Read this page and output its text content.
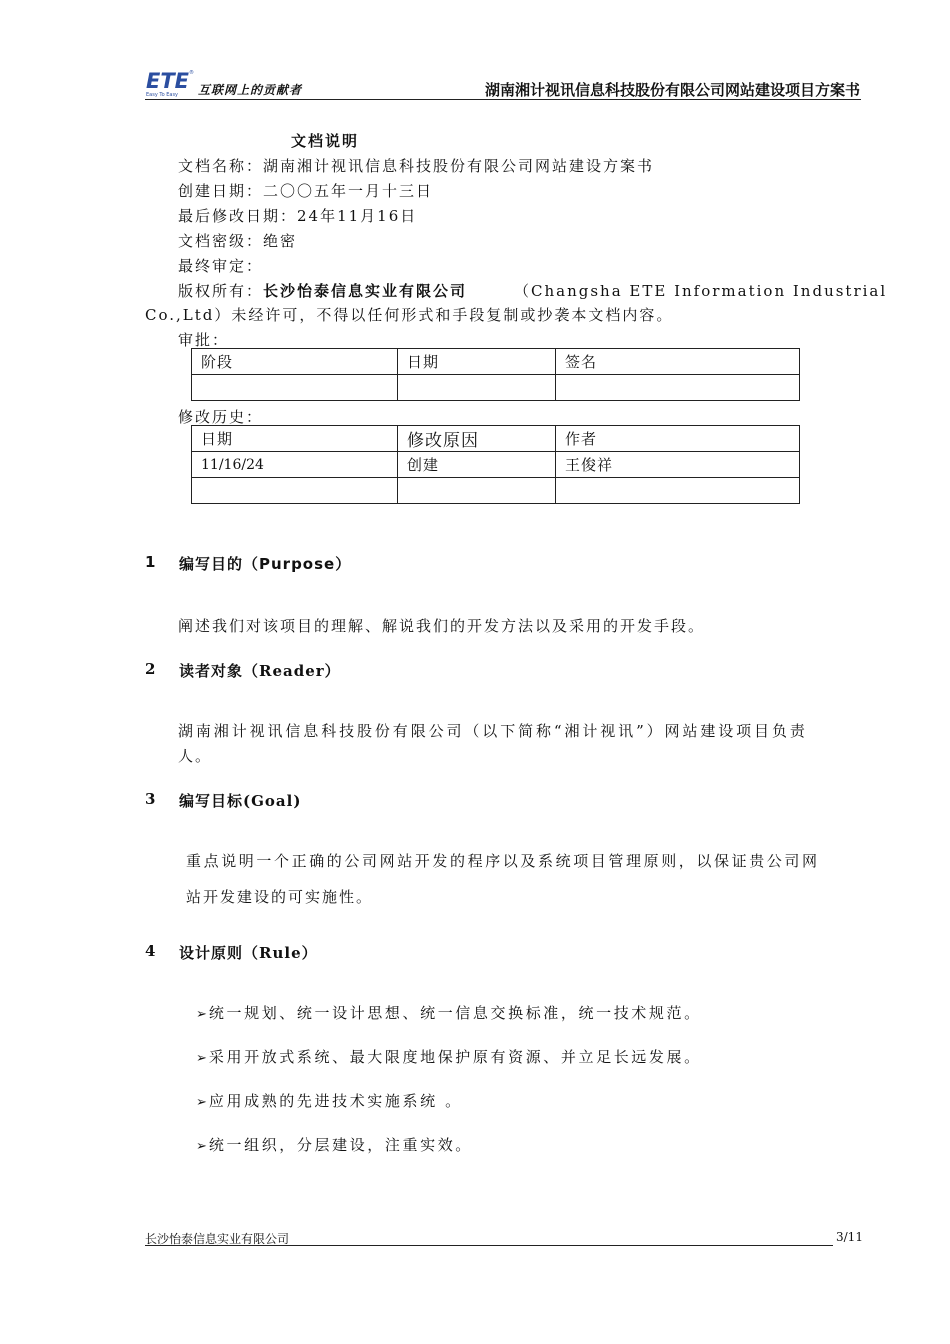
ETE ®
Easy To Easy 互联网上的贡献者	湖南湘计视讯信息科技股份有限公司网站建设项目方案书
文档说明
文档名称：湖南湘计视讯信息科技股份有限公司网站建设方案书
创建日期：二〇〇五年一月十三日
最后修改日期：24年11月16日
文档密级：绝密
最终审定：
版权所有：长沙怡泰信息实业有限公司	（Changsha ETE Information Industrial
Co.,Ltd）未经许可，不得以任何形式和手段复制或抄袭本文档内容。
审批：
阶段	日期	签名

修改历史：
日期	修改原因	作者
11/16/24	创建	王俊祥

1 编写目的（Purpose）
阐述我们对该项目的理解、解说我们的开发方法以及采用的开发手段。
2 读者对象（Reader）
湖南湘计视讯信息科技股份有限公司（以下简称“湘计视讯”）网站建设项目负责
人。
3 编写目标(Goal)
重点说明一个正确的公司网站开发的程序以及系统项目管理原则，以保证贵公司网
站开发建设的可实施性。
4 设计原则（Rule）
➢ 统一规划、统一设计思想、统一信息交换标准，统一技术规范。
➢ 采用开放式系统、最大限度地保护原有资源、并立足长远发展。
➢ 应用成熟的先进技术实施系统 。
➢ 统一组织，分层建设，注重实效。
长沙怡泰信息实业有限公司	3/11
